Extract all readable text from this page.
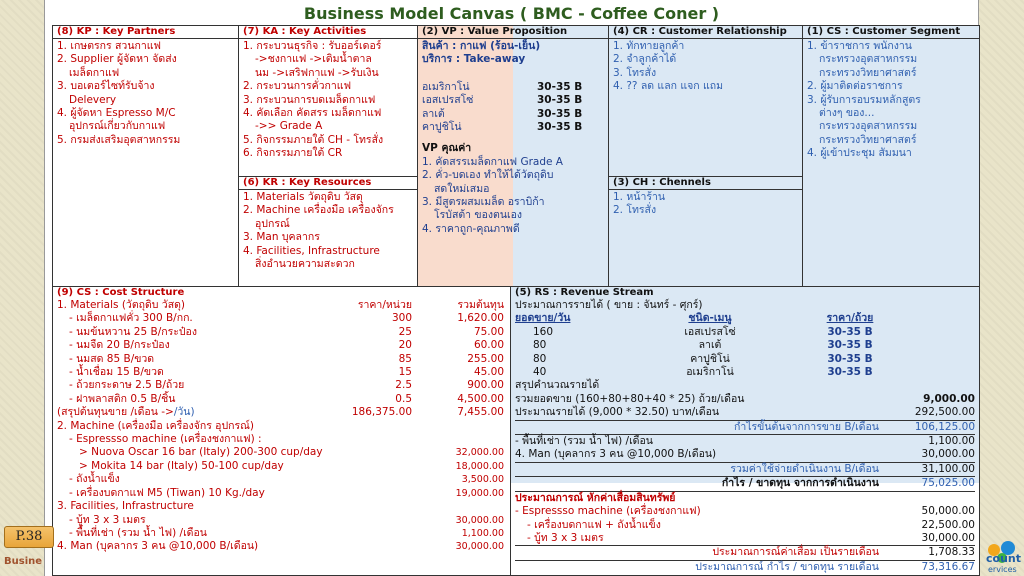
Business Model Canvas ( BMC - Coffee Coner )
(8) KP : Key Partners
1. เกษตรกร สวนกาแฟ
2. Supplier ผู้จัดหา จัดส่ง
เมล็ดกาแฟ
3. บอเตอร์ไซท์รับจ้าง
Delevery
4. ผู้จัดหา Espresso M/C
อุปกรณ์เกี่ยวกับกาแฟ
5. กรมส่งเสริมอุตสาหกรรม
(7) KA : Key Activities
1. กระบวนธุรกิจ : รับออร์เดอร์
->ชงกาแฟ ->เติมน้ำตาล
นม ->เสริฟกาแฟ ->รับเงิน
2. กระบวนการคั่วกาแฟ
3. กระบวนการบดเมล็ดกาแฟ
4. คัดเลือก คัดสรร เมล็ดกาแฟ
->> Grade A
5. กิจกรรมภายใต้ CH - โทรสั่ง
6. กิจกรรมภายใต้ CR
(6) KR : Key Resources
1. Materials วัตถุดิบ วัสดุ
2. Machine เครื่องมือ เครื่องจักร
อุปกรณ์
3. Man บุคลากร
4. Facilities, Infrastructure
สิ่งอำนวยความสะดวก
(2) VP : Value Proposition
สินค้า : กาแฟ (ร้อน-เย็น)
บริการ : Take-away
อเมริกาโน่	30-35 B
เอสเปรสโซ่	30-35 B
ลาเต้	30-35 B
คาปูชิโน่	30-35 B
VP คุณค่า
1. คัดสรรเมล็ดกาแฟ Grade A
2. คั่ว-บดเอง ทำให้ได้วัตถุดิบ
สดใหม่เสมอ
3. มีสูตรผสมเมล็ด อราบิก้า
โรบัสต้า ของตนเอง
4. ราคาถูก-คุณภาพดี
(4) CR : Customer Relationship
1. ทักทายลูกค้า
2. จำลูกค้าได้
3. โทรสั่ง
4. ?? ลด แลก แจก แถม
(3) CH : Chennels
1. หน้าร้าน
2. โทรสั่ง
(1) CS : Customer Segment
1. ข้าราชการ พนักงาน
กระทรวงอุตสาหกรรม
กระทรวงวิทยาศาสตร์
2. ผู้มาติดต่อราชการ
3. ผู้รับการอบรมหลักสูตร
ต่างๆ ของ...
กระทรวงอุตสาหกรรม
กระทรวงวิทยาศาสตร์
4. ผู้เข้าประชุม สัมมนา
(9) CS : Cost Structure
1. Materials (วัตถุดิบ วัสดุ)	ราคา/หน่วย	รวมต้นทุน
- เมล็ดกาแฟคั่ว 300 B/กก.	300	1,620.00
- นมข้นหวาน 25 B/กระป๋อง	25	75.00
- นมจืด 20 B/กระป๋อง	20	60.00
- นมสด 85 B/ขวด	85	255.00
- น้ำเชื่อม 15 B/ขวด	15	45.00
- ถ้วยกระดาษ 2.5 B/ถ้วย	2.5	900.00
- ฝาพลาสติก 0.5 B/ชิ้น	0.5	4,500.00
(สรุปต้นทุนขาย /เดือน ->/วัน)	186,375.00	7,455.00
2. Machine (เครื่องมือ เครื่องจักร อุปกรณ์)
- Espressso machine (เครื่องชงกาแฟ) :
> Nuova Oscar 16 bar (Italy) 200-300 cup/day	32,000.00
> Mokita 14 bar (Italy) 50-100 cup/day	18,000.00
- ถังน้ำแข็ง	3,500.00
- เครื่องบดกาแฟ M5 (Tiwan) 10 Kg./day	19,000.00
3. Facilities, Infrastructure
- บู้ท 3 x 3 เมตร	30,000.00
- พื้นที่เช่า (รวม น้ำ ไฟ) /เดือน	1,100.00
4. Man (บุคลากร 3 คน @10,000 B/เดือน)	30,000.00
(5) RS : Revenue Stream
ประมาณการรายได้ ( ขาย : จันทร์ - ศุกร์)
ยอดขาย/วัน	ชนิด-เมนู	ราคา/ถ้วย
160	เอสเปรสโซ่	30-35 B
80	ลาเต้	30-35 B
80	คาปูชิโน่	30-35 B
40	อเมริกาโน่	30-35 B
สรุปคำนวณรายได้
รวมยอดขาย (160+80+80+40 * 25) ถ้วย/เดือน	9,000.00
ประมาณรายได้ (9,000 * 32.50) บาท/เดือน	292,500.00
กำไรขั้นต้นจากการขาย B/เดือน	106,125.00
- พื้นที่เช่า (รวม น้ำ ไฟ) /เดือน	1,100.00
4. Man (บุคลากร 3 คน @10,000 B/เดือน)	30,000.00
รวมค่าใช้จ่ายดำเนินงาน B/เดือน	31,100.00
กำไร / ขาดทุน จากการดำเนินงาน	75,025.00
ประมาณการณ์ หักค่าเสื่อมสินทรัพย์
- Espressso machine (เครื่องชงกาแฟ)	50,000.00
- เครื่องบดกาแฟ + ถังน้ำแข็ง	22,500.00
- บู้ท 3 x 3 เมตร	30,000.00
ประมาณการณ์ค่าเสื่อม เป็นรายเดือน	1,708.33
ประมาณการณ์ กำไร / ขาดทุน รายเดือน	73,316.67
P.38
Busine	count
ervices
